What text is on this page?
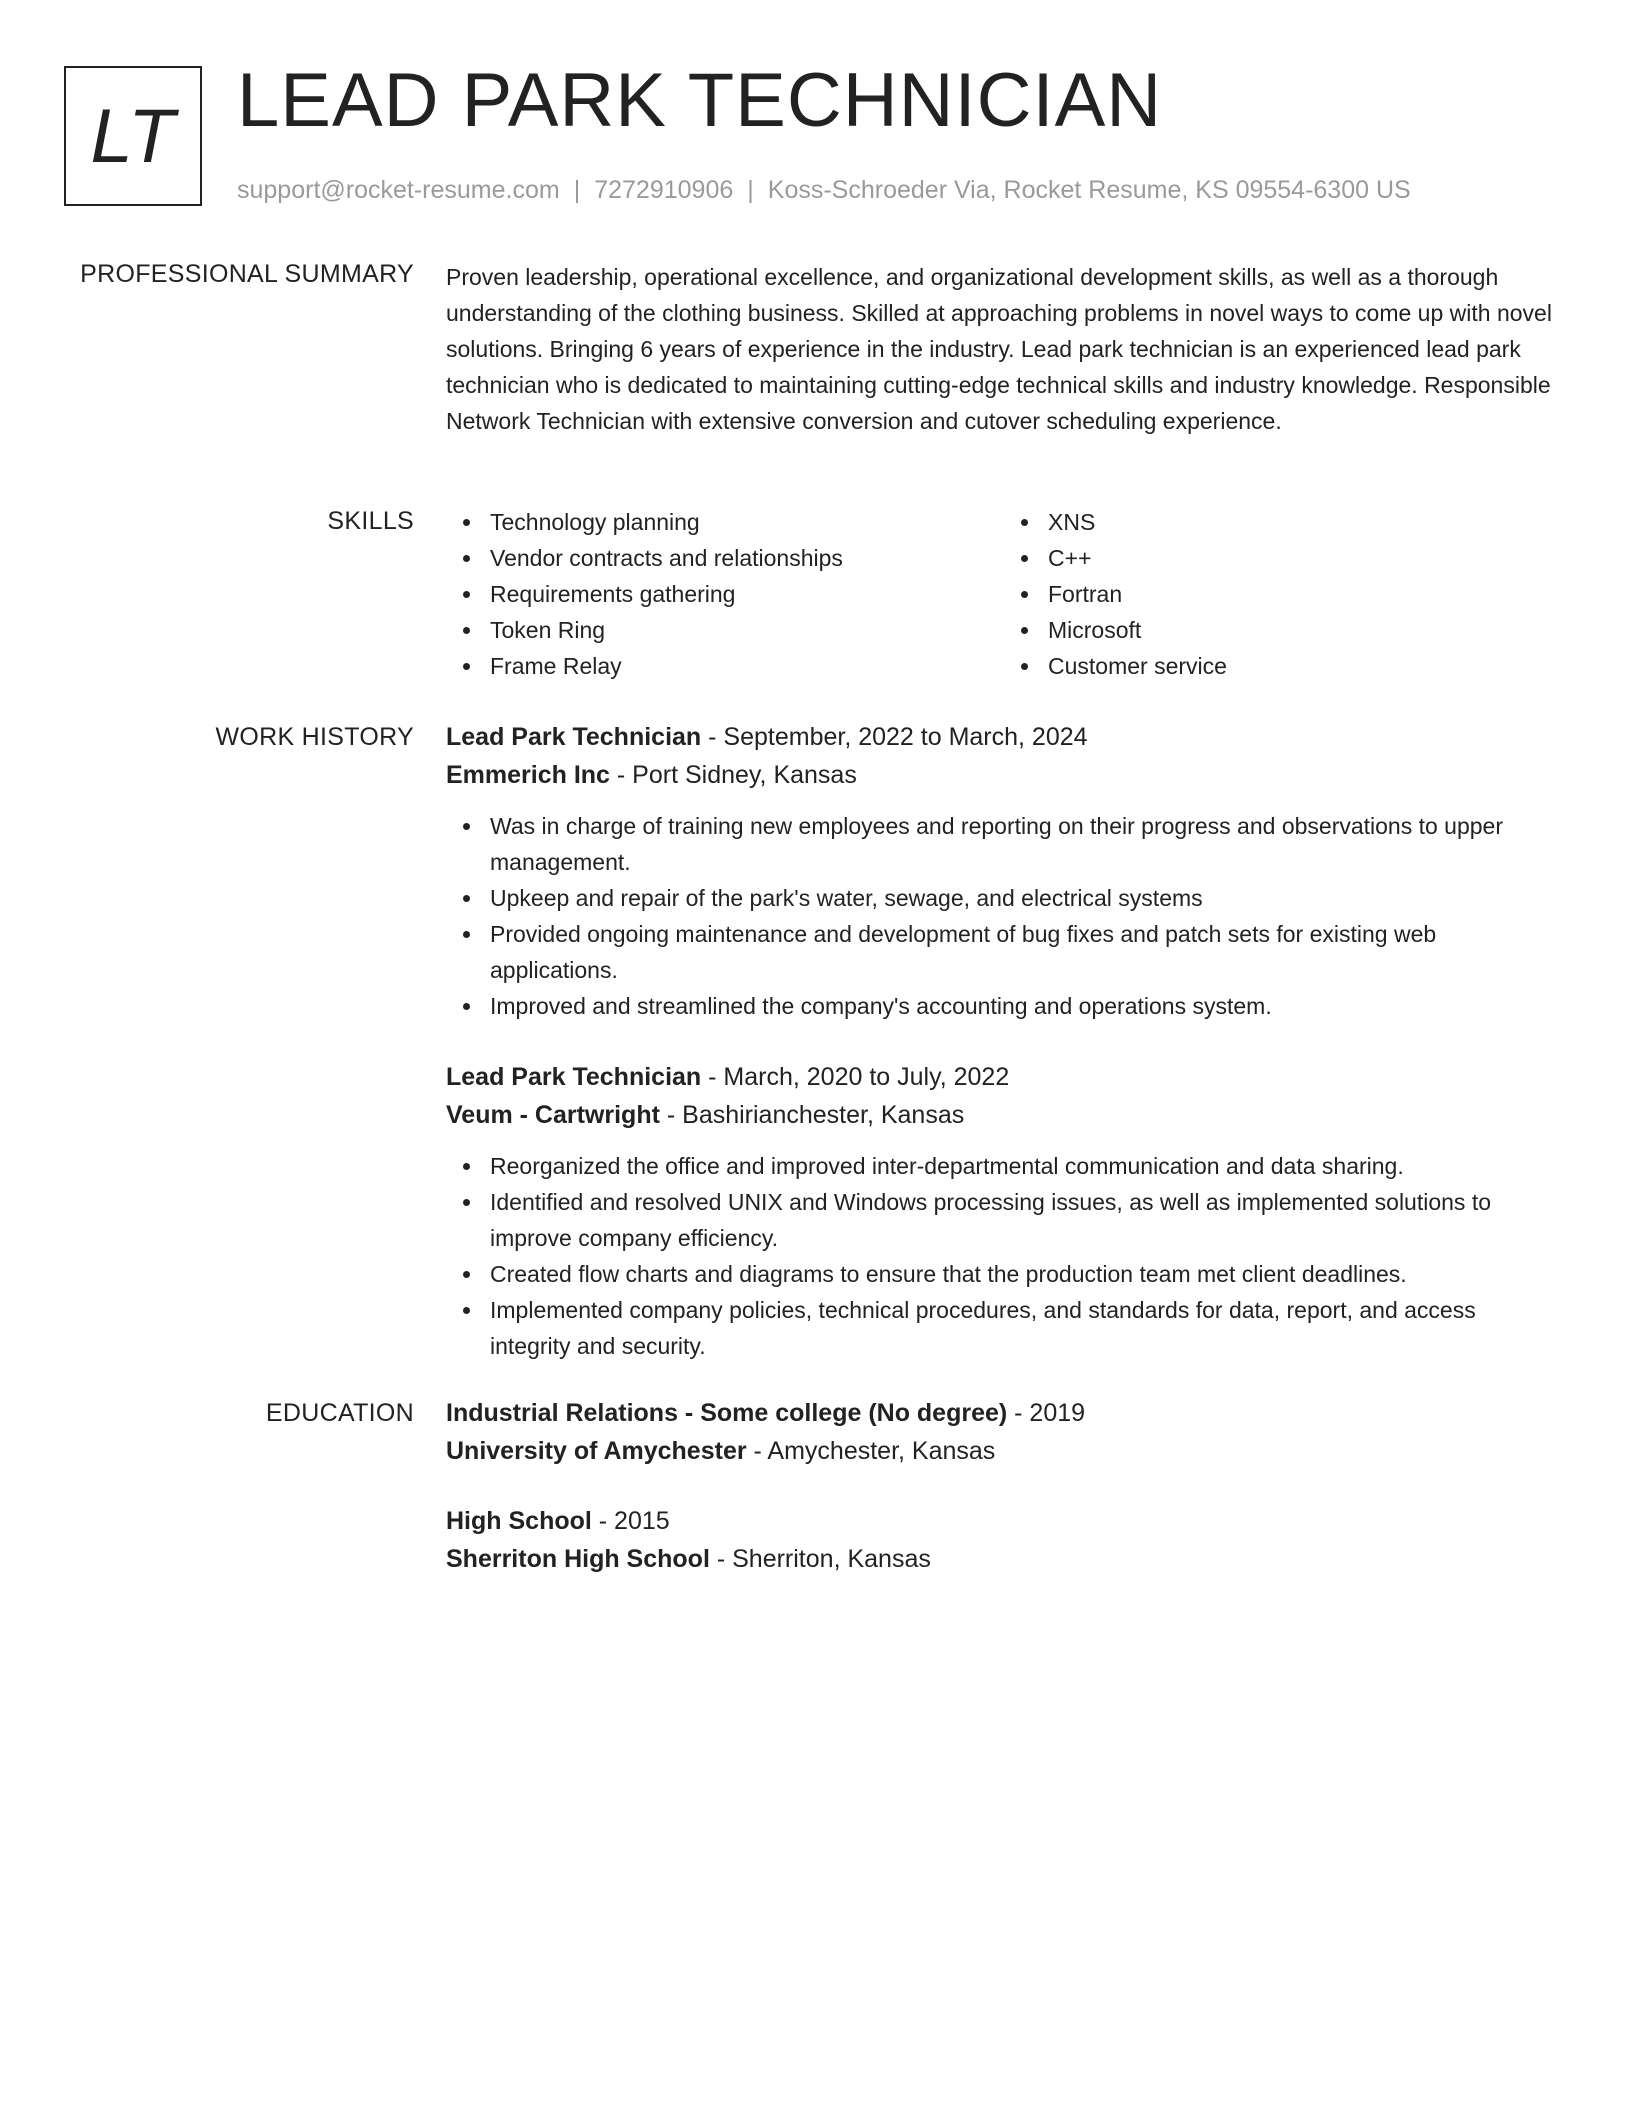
LT LEAD PARK TECHNICIAN
support@rocket-resume.com | 7272910906 | Koss-Schroeder Via, Rocket Resume, KS 09554-6300 US
PROFESSIONAL SUMMARY Proven leadership, operational excellence, and organizational development skills, as well as a thorough understanding of the clothing business. Skilled at approaching problems in novel ways to come up with novel solutions. Bringing 6 years of experience in the industry. Lead park technician is an experienced lead park technician who is dedicated to maintaining cutting-edge technical skills and industry knowledge. Responsible Network Technician with extensive conversion and cutover scheduling experience.

SKILLS	Technology planning
Vendor contracts and relationships
Requirements gathering
Token Ring
Frame Relay
XNS
C++
Fortran
Microsoft
Customer service
WORK HISTORY Lead Park Technician - September, 2022 to March, 2024
Emmerich Inc - Port Sidney, Kansas
Was in charge of training new employees and reporting on their progress and observations to upper management.
Upkeep and repair of the park's water, sewage, and electrical systems
Provided ongoing maintenance and development of bug fixes and patch sets for existing web applications.
Improved and streamlined the company's accounting and operations system.
Lead Park Technician - March, 2020 to July, 2022
Veum - Cartwright - Bashirianchester, Kansas
Reorganized the office and improved inter-departmental communication and data sharing.
Identified and resolved UNIX and Windows processing issues, as well as implemented solutions to improve company efficiency.
Created flow charts and diagrams to ensure that the production team met client deadlines.
Implemented company policies, technical procedures, and standards for data, report, and access integrity and security.
EDUCATION Industrial Relations - Some college (No degree) - 2019
University of Amychester - Amychester, Kansas
High School - 2015
Sherriton High School - Sherriton, Kansas
